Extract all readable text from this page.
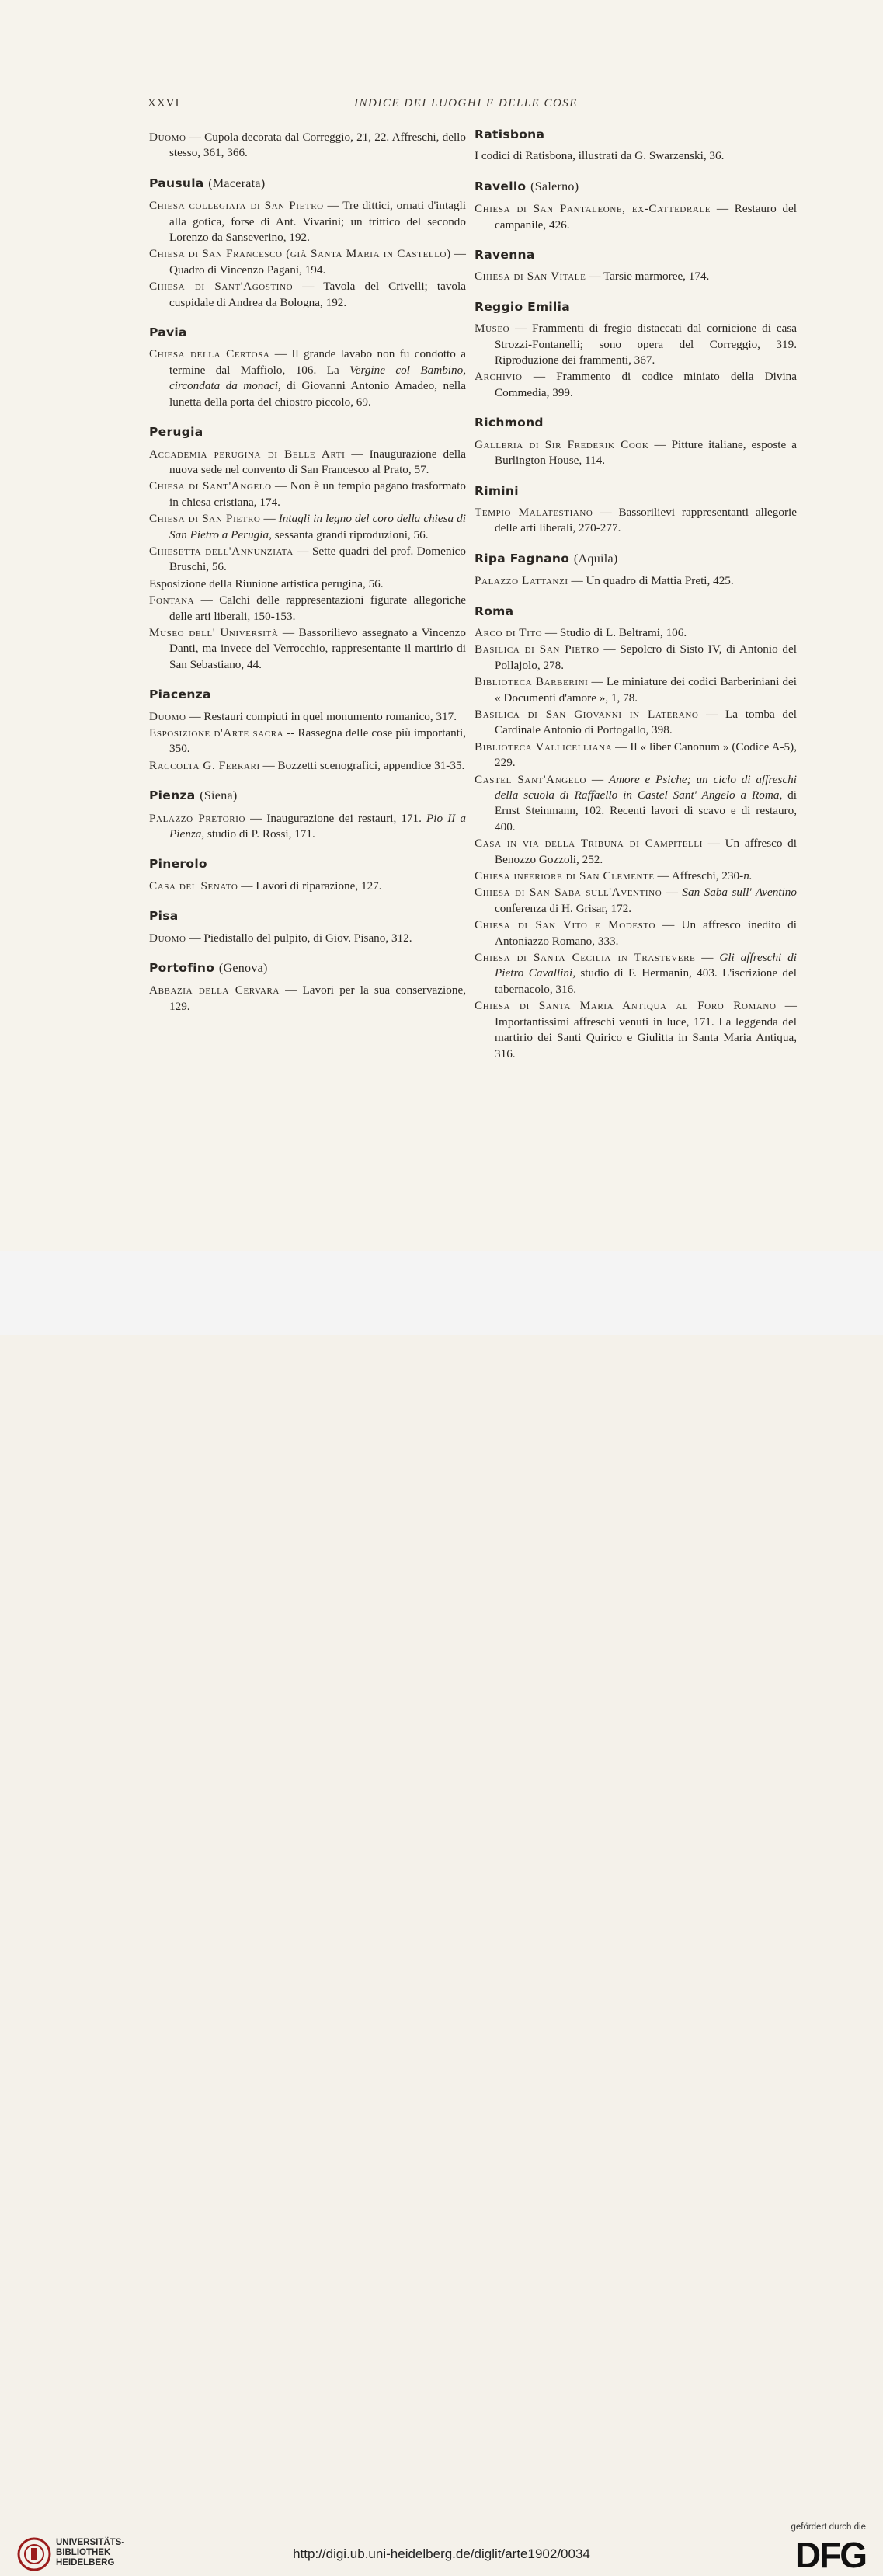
XXVI	INDICE DEI LUOGHI E DELLE COSE
Duomo — Cupola decorata dal Correggio, 21, 22. Affreschi, dello stesso, 361, 366.
Pausula (Macerata)
Chiesa collegiata di San Pietro — Tre dittici, ornati d'intagli alla gotica, forse di Ant. Vivarini; un trittico del secondo Lorenzo da Sanseverino, 192.
Chiesa di San Francesco (già Santa Maria in Castello) — Quadro di Vincenzo Pagani, 194.
Chiesa di Sant'Agostino — Tavola del Crivelli; tavola cuspidale di Andrea da Bologna, 192.
Pavia
Chiesa della Certosa — Il grande lavabo non fu condotto a termine dal Maffiolo, 106. La Vergine col Bambino, circondata da monaci, di Giovanni Antonio Amadeo, nella lunetta della porta del chiostro piccolo, 69.
Perugia
Accademia perugina di Belle Arti — Inaugurazione della nuova sede nel convento di San Francesco al Prato, 57.
Chiesa di Sant'Angelo — Non è un tempio pagano trasformato in chiesa cristiana, 174.
Chiesa di San Pietro — Intagli in legno del coro della chiesa di San Pietro a Perugia, sessanta grandi riproduzioni, 56.
Chiesetta dell'Annunziata — Sette quadri del prof. Domenico Bruschi, 56.
Esposizione della Riunione artistica perugina, 56.
Fontana — Calchi delle rappresentazioni figurate allegoriche delle arti liberali, 150-153.
Museo dell' Università — Bassorilievo assegnato a Vincenzo Danti, ma invece del Verrocchio, rappresentante il martirio di San Sebastiano, 44.
Piacenza
Duomo — Restauri compiuti in quel monumento romanico, 317.
Esposizione d'Arte sacra -- Rassegna delle cose più importanti, 350.
Raccolta G. Ferrari — Bozzetti scenografici, appendice 31-35.
Pienza (Siena)
Palazzo Pretorio — Inaugurazione dei restauri, 171. Pio II a Pienza, studio di P. Rossi, 171.
Pinerolo
Casa del Senato — Lavori di riparazione, 127.
Pisa
Duomo — Piedistallo del pulpito, di Giov. Pisano, 312.
Portofino (Genova)
Abbazia della Cervara — Lavori per la sua conservazione, 129.
Ratisbona
I codici di Ratisbona, illustrati da G. Swarzenski, 36.
Ravello (Salerno)
Chiesa di San Pantaleone, ex-Cattedrale — Restauro del campanile, 426.
Ravenna
Chiesa di San Vitale — Tarsie marmoree, 174.
Reggio Emilia
Museo — Frammenti di fregio distaccati dal cornicione di casa Strozzi-Fontanelli; sono opera del Correggio, 319. Riproduzione dei frammenti, 367.
Archivio — Frammento di codice miniato della Divina Commedia, 399.
Richmond
Galleria di Sir Frederik Cook — Pitture italiane, esposte a Burlington House, 114.
Rimini
Tempio Malatestiano — Bassorilievi rappresentanti allegorie delle arti liberali, 270-277.
Ripa Fagnano (Aquila)
Palazzo Lattanzi — Un quadro di Mattia Preti, 425.
Roma
Arco di Tito — Studio di L. Beltrami, 106.
Basilica di San Pietro — Sepolcro di Sisto IV, di Antonio del Pollajolo, 278.
Biblioteca Barberini — Le miniature dei codici Barberiniani dei « Documenti d'amore », 1, 78.
Basilica di San Giovanni in Laterano — La tomba del Cardinale Antonio di Portogallo, 398.
Biblioteca Vallicelliana — Il « liber Canonum » (Codice A-5), 229.
Castel Sant'Angelo — Amore e Psiche; un ciclo di affreschi della scuola di Raffaello in Castel Sant' Angelo a Roma, di Ernst Steinmann, 102. Recenti lavori di scavo e di restauro, 400.
Casa in via della Tribuna di Campitelli — Un affresco di Benozzo Gozzoli, 252.
Chiesa inferiore di San Clemente — Affreschi, 230-n.
Chiesa di San Saba sull'Aventino — San Saba sull' Aventino conferenza di H. Grisar, 172.
Chiesa di San Vito e Modesto — Un affresco inedito di Antoniazzo Romano, 333.
Chiesa di Santa Cecilia in Trastevere — Gli affreschi di Pietro Cavallini, studio di F. Hermanin, 403. L'iscrizione del tabernacolo, 316.
Chiesa di Santa Maria Antiqua al Foro Romano — Importantissimi affreschi venuti in luce, 171. La leggenda del martirio dei Santi Quirico e Giulitta in Santa Maria Antiqua, 316.
UNIVERSITÄTS-
BIBLIOTHEK
HEIDELBERG
http://digi.ub.uni-heidelberg.de/diglit/arte1902/0034
gefördert durch die
DFG
